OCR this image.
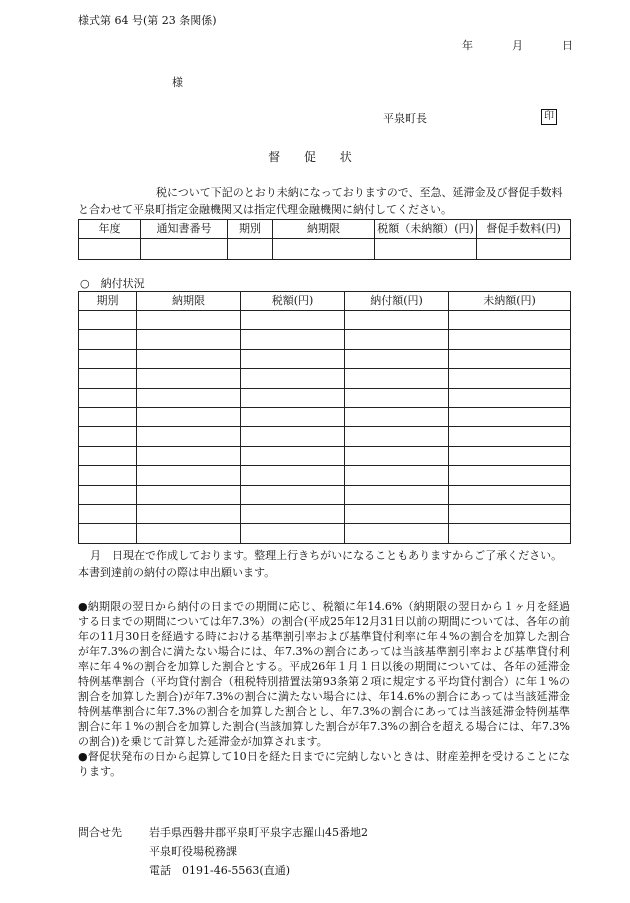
様式第 64 号(第 23 条関係)
年	月	日
様
平泉町長	印
督 促 状
税について下記のとおり未納になっておりますので、至急、延滞金及び督促手数料と合わせて平泉町指定金融機関又は指定代理金融機関に納付してください。
年度	通知書番号	期別	納期限	税額（未納額）(円)	督促手数料(円)

○　納付状況
期別	納期限	税額(円)	納付額(円)	未納額(円)

月　日現在で作成しております。整理上行きちがいになることもありますからご了承ください。本書到達前の納付の際は申出願います。

●納期限の翌日から納付の日までの期間に応じ、税額に年14.6%（納期限の翌日から１ヶ月を経過する日までの期間については年7.3%）の割合(平成25年12月31日以前の期間については、各年の前年の11月30日を経過する時における基準割引率および基準貸付利率に年４%の割合を加算した割合が年7.3%の割合に満たない場合には、年7.3%の割合にあっては当該基準割引率および基準貸付利率に年４%の割合を加算した割合とする。平成26年１月１日以後の期間については、各年の延滞金特例基準割合（平均貸付割合（租税特別措置法第93条第２項に規定する平均貸付割合）に年１%の割合を加算した割合)が年7.3%の割合に満たない場合には、年14.6%の割合にあっては当該延滞金特例基準割合に年7.3%の割合を加算した割合とし、年7.3%の割合にあっては当該延滞金特例基準割合に年１%の割合を加算した割合(当該加算した割合が年7.3%の割合を超える場合には、年7.3%の割合))を乗じて計算した延滞金が加算されます。

●督促状発布の日から起算して10日を経た日までに完納しないときは、財産差押を受けることになります。

問合せ先 岩手県西磐井郡平泉町平泉字志羅山45番地2
平泉町役場税務課
電話　0191-46-5563(直通)
